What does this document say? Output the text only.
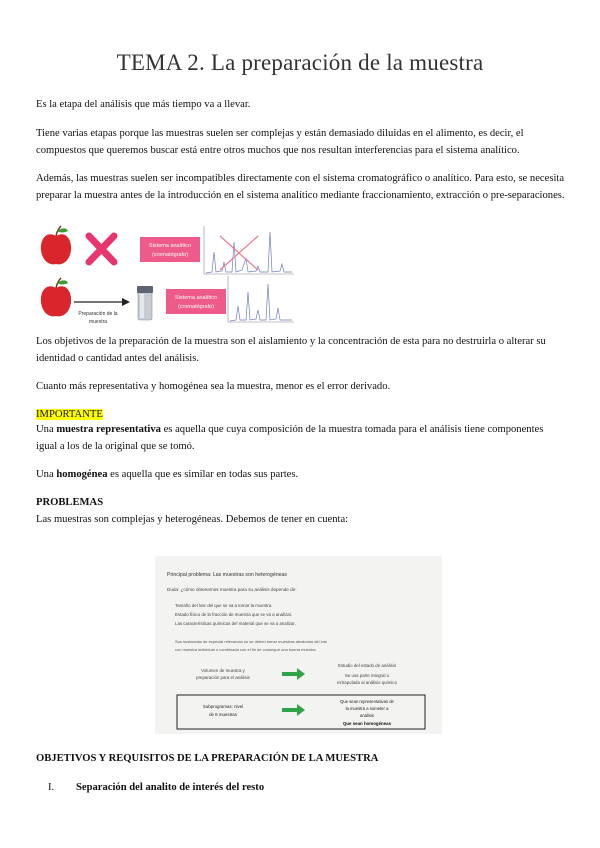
TEMA 2. La preparación de la muestra

Es la etapa del análisis que más tiempo va a llevar.

Tiene varias etapas porque las muestras suelen ser complejas y están demasiado diluidas en el alimento, es decir, el compuestos que queremos buscar está entre otros muchos que nos resultan interferencias para el sistema analítico.

Además, las muestras suelen ser incompatibles directamente con el sistema cromatográfico o analítico. Para esto, se necesita preparar la muestra antes de la introducción en el sistema analítico mediante fraccionamiento, extracción o pre-separaciones.

Sistema analítico
(cromatógrafo)
Preparación de la
muestra
Sistema analítico
(cromatógrafo)

Los objetivos de la preparación de la muestra son el aislamiento y la concentración de esta para no destruirla o alterar su identidad o cantidad antes del análisis.

Cuanto más representativa y homogénea sea la muestra, menor es el error derivado.

IMPORTANTE

Una muestra representativa es aquella que cuya composición de la muestra tomada para el análisis tiene componentes igual a los de la original que se tomó.

Una homogénea es aquella que es similar en todas sus partes.

PROBLEMAS

Las muestras son complejas y heterogéneas. Debemos de tener en cuenta:

Principal problema: Las muestras son heterogéneas
Duda: ¿cómo obtenemos muestra para su análisis depende de:
Tamaño del lote del que se va a tomar la muestra.
Estado físico de la fracción de muestra que se va a analizar.
Las características químicas del material que se va a analizar.
Sus sustancias de especial relevancia no se deben tomar muestras aleatorias del lote
con muestra individual o combinada con el fin de conseguir una buena muestra.
Volumen de muestra y
preparación para el análisis
Estudio del estado de análisis
Se usa parte integral o
extrapolada al análisis químico
Subprogramas: nivel
de 8 muestras
Que sean representativas de
la muestra a someter a
análisis
Que sean homogéneas
OBJETIVOS Y REQUISITOS DE LA PREPARACIÓN DE LA MUESTRA
I. Separación del analito de interés del resto
